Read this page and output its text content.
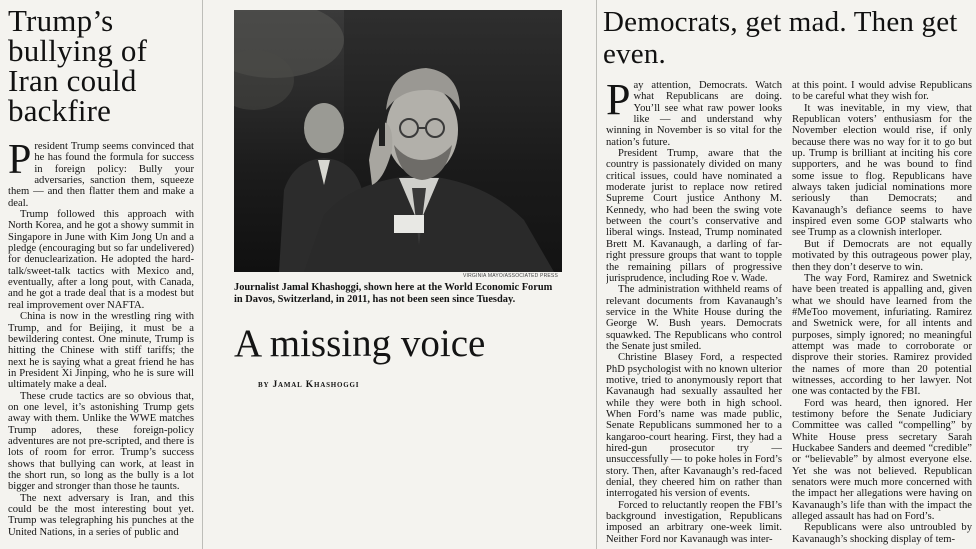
Trump’s bullying of Iran could backfire

President Trump seems convinced that he has found the formula for success in foreign policy: Bully your adversaries, sanction them, squeeze them — and then flatter them and make a deal.

Trump followed this approach with North Korea, and he got a showy summit in Singapore in June with Kim Jong Un and a pledge (encouraging but so far undelivered) for denuclearization. He adopted the hard-talk/sweet-talk tactics with Mexico and, eventually, after a long pout, with Canada, and he got a trade deal that is a modest but real improvement over NAFTA.

China is now in the wrestling ring with Trump, and for Beijing, it must be a bewildering contest. One minute, Trump is hitting the Chinese with stiff tariffs; the next he is saying what a great friend he has in President Xi Jinping, who he is sure will ultimately make a deal.

These crude tactics are so obvious that, on one level, it’s astonishing Trump gets away with them. Unlike the WWE matches Trump adores, these foreign-policy adventures are not pre-scripted, and there is lots of room for error. Trump’s success shows that bullying can work, at least in the short run, so long as the bully is a lot bigger and stronger than those he taunts.

The next adversary is Iran, and this could be the most interesting bout yet. Trump was telegraphing his punches at the United Nations, in a series of public and

VIRGINIA MAYO/ASSOCIATED PRESS
Journalist Jamal Khashoggi, shown here at the World Economic Forum in Davos, Switzerland, in 2011, has not been seen since Tuesday.
A missing voice
by Jamal Khashoggi
Democrats, get mad. Then get even.

Pay attention, Democrats. Watch what Republicans are doing. You’ll see what raw power looks like — and understand why winning in November is so vital for the nation’s future.

President Trump, aware that the country is passionately divided on many critical issues, could have nominated a moderate jurist to replace now retired Supreme Court justice Anthony M. Kennedy, who had been the swing vote between the court’s conservative and liberal wings. Instead, Trump nominated Brett M. Kavanaugh, a darling of far-right pressure groups that want to topple the remaining pillars of progressive jurisprudence, including Roe v. Wade.

The administration withheld reams of relevant documents from Kavanaugh’s service in the White House during the George W. Bush years. Democrats squawked. The Republicans who control the Senate just smiled.

Christine Blasey Ford, a respected PhD psychologist with no known ulterior motive, tried to anonymously report that Kavanaugh had sexually assaulted her while they were both in high school. When Ford’s name was made public, Senate Republicans summoned her to a kangaroo-court hearing. First, they had a hired-gun prosecutor try — unsuccessfully — to poke holes in Ford’s story. Then, after Kavanaugh’s red-faced denial, they cheered him on rather than interrogated his version of events.

Forced to reluctantly reopen the FBI’s background investigation, Republicans imposed an arbitrary one-week limit. Neither Ford nor Kavanaugh was inter-

at this point. I would advise Republicans to be careful what they wish for.

It was inevitable, in my view, that Republican voters’ enthusiasm for the November election would rise, if only because there was no way for it to go but up. Trump is brilliant at inciting his core supporters, and he was bound to find some issue to flog. Republicans have always taken judicial nominations more seriously than Democrats; and Kavanaugh’s defiance seems to have inspired even some GOP stalwarts who see Trump as a clownish interloper.

But if Democrats are not equally motivated by this outrageous power play, then they don’t deserve to win.

The way Ford, Ramirez and Swetnick have been treated is appalling and, given what we should have learned from the #MeToo movement, infuriating. Ramirez and Swetnick were, for all intents and purposes, simply ignored; no meaningful attempt was made to corroborate or disprove their stories. Ramirez provided the names of more than 20 potential witnesses, according to her lawyer. Not one was contacted by the FBI.

Ford was heard, then ignored. Her testimony before the Senate Judiciary Committee was called “compelling” by White House press secretary Sarah Huckabee Sanders and deemed “credible” or “believable” by almost everyone else. Yet she was not believed. Republican senators were much more concerned with the impact her allegations were having on Kavanaugh’s life than with the impact the alleged assault has had on Ford’s.

Republicans were also untroubled by Kavanaugh’s shocking display of tem-
